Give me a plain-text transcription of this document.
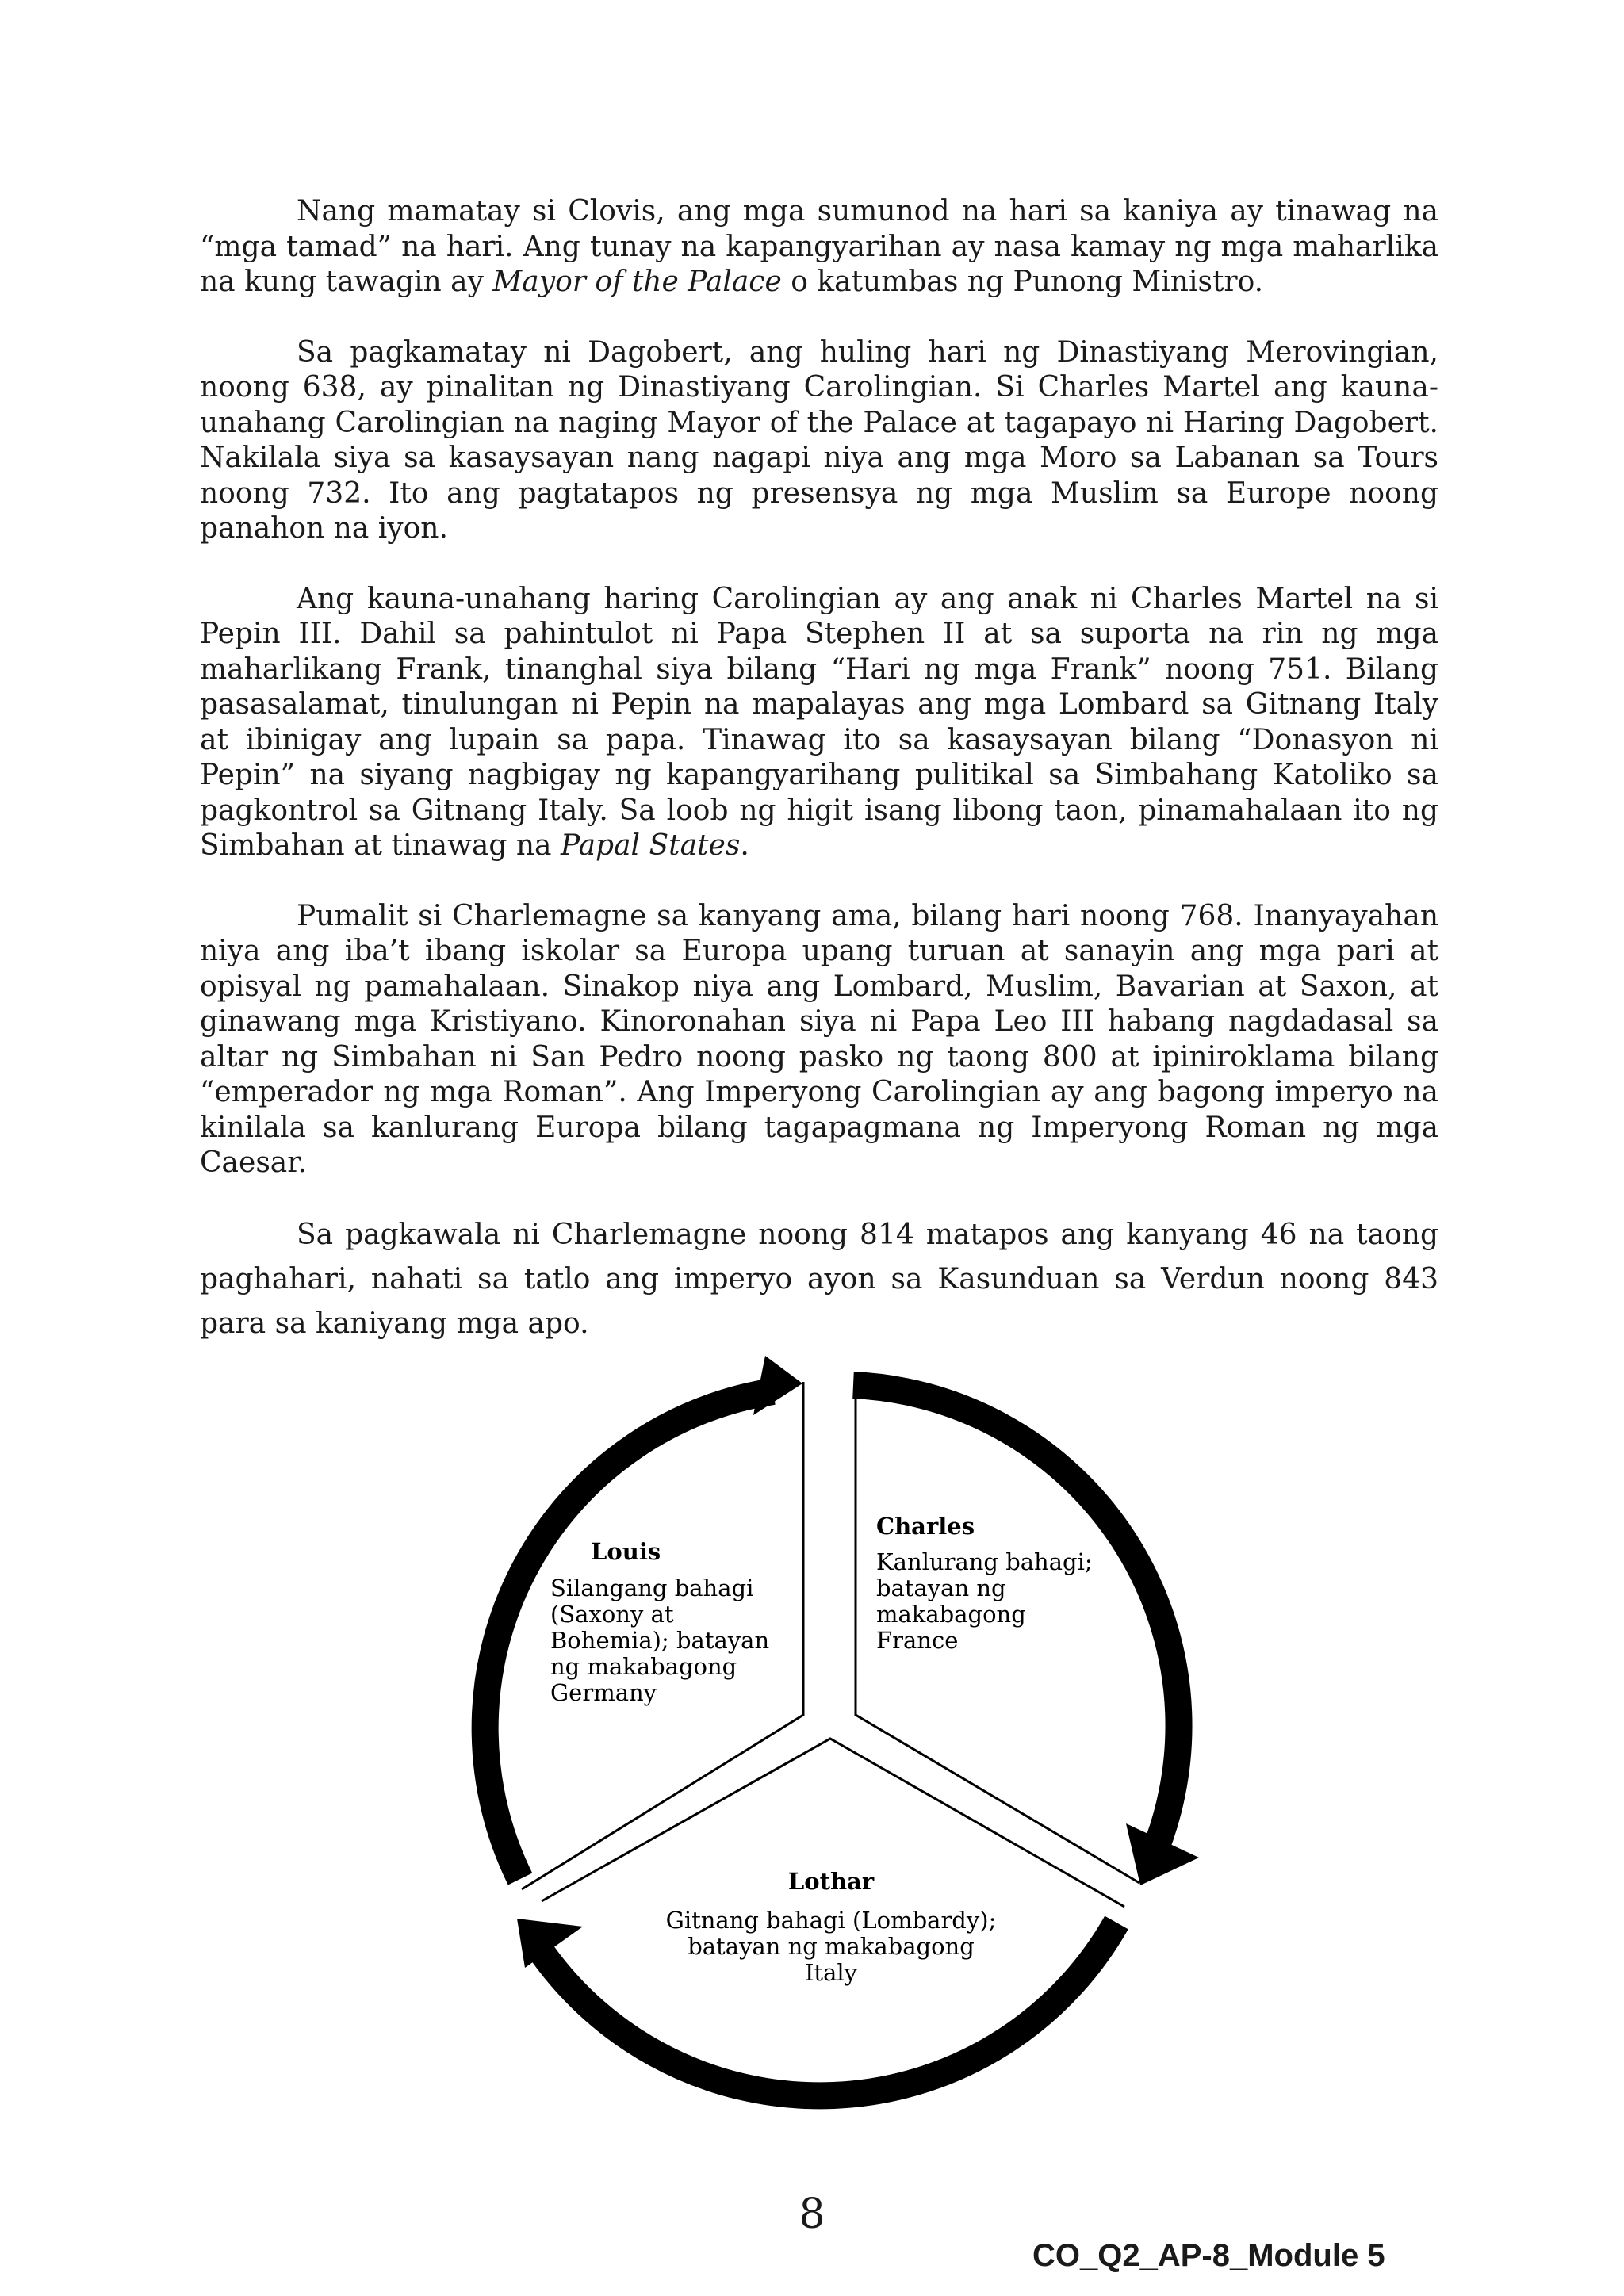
Nang mamatay si Clovis, ang mga sumunod na hari sa kaniya ay tinawag na “mga tamad” na hari. Ang tunay na kapangyarihan ay nasa kamay ng mga maharlika na kung tawagin ay Mayor of the Palace o katumbas ng Punong Ministro.

Sa pagkamatay ni Dagobert, ang huling hari ng Dinastiyang Merovingian, noong 638, ay pinalitan ng Dinastiyang Carolingian. Si Charles Martel ang kauna-unahang Carolingian na naging Mayor of the Palace at tagapayo ni Haring Dagobert. Nakilala siya sa kasaysayan nang nagapi niya ang mga Moro sa Labanan sa Tours noong 732. Ito ang pagtatapos ng presensya ng mga Muslim sa Europe noong panahon na iyon.

Ang kauna-unahang haring Carolingian ay ang anak ni Charles Martel na si Pepin III. Dahil sa pahintulot ni Papa Stephen II at sa suporta na rin ng mga maharlikang Frank, tinanghal siya bilang “Hari ng mga Frank” noong 751. Bilang pasasalamat, tinulungan ni Pepin na mapalayas ang mga Lombard sa Gitnang Italy at ibinigay ang lupain sa papa. Tinawag ito sa kasaysayan bilang “Donasyon ni Pepin” na siyang nagbigay ng kapangyarihang pulitikal sa Simbahang Katoliko sa pagkontrol sa Gitnang Italy. Sa loob ng higit isang libong taon, pinamahalaan ito ng Simbahan at tinawag na Papal States.

Pumalit si Charlemagne sa kanyang ama, bilang hari noong 768. Inanyayahan niya ang iba’t ibang iskolar sa Europa upang turuan at sanayin ang mga pari at opisyal ng pamahalaan. Sinakop niya ang Lombard, Muslim, Bavarian at Saxon, at ginawang mga Kristiyano. Kinoronahan siya ni Papa Leo III habang nagdadasal sa altar ng Simbahan ni San Pedro noong pasko ng taong 800 at ipiniroklama bilang “emperador ng mga Roman”. Ang Imperyong Carolingian ay ang bagong imperyo na kinilala sa kanlurang Europa bilang tagapagmana ng Imperyong Roman ng mga Caesar.

Sa pagkawala ni Charlemagne noong 814 matapos ang kanyang 46 na taong paghahari, nahati sa tatlo ang imperyo ayon sa Kasunduan sa Verdun noong 843 para sa kaniyang mga apo.

Louis
Silangang bahagi (Saxony at Bohemia); batayan ng makabagong Germany
Charles
Kanlurang bahagi; batayan ng makabagong France
Lothar
Gitnang bahagi (Lombardy); batayan ng makabagong Italy
8
CO_Q2_AP-8_Module 5
